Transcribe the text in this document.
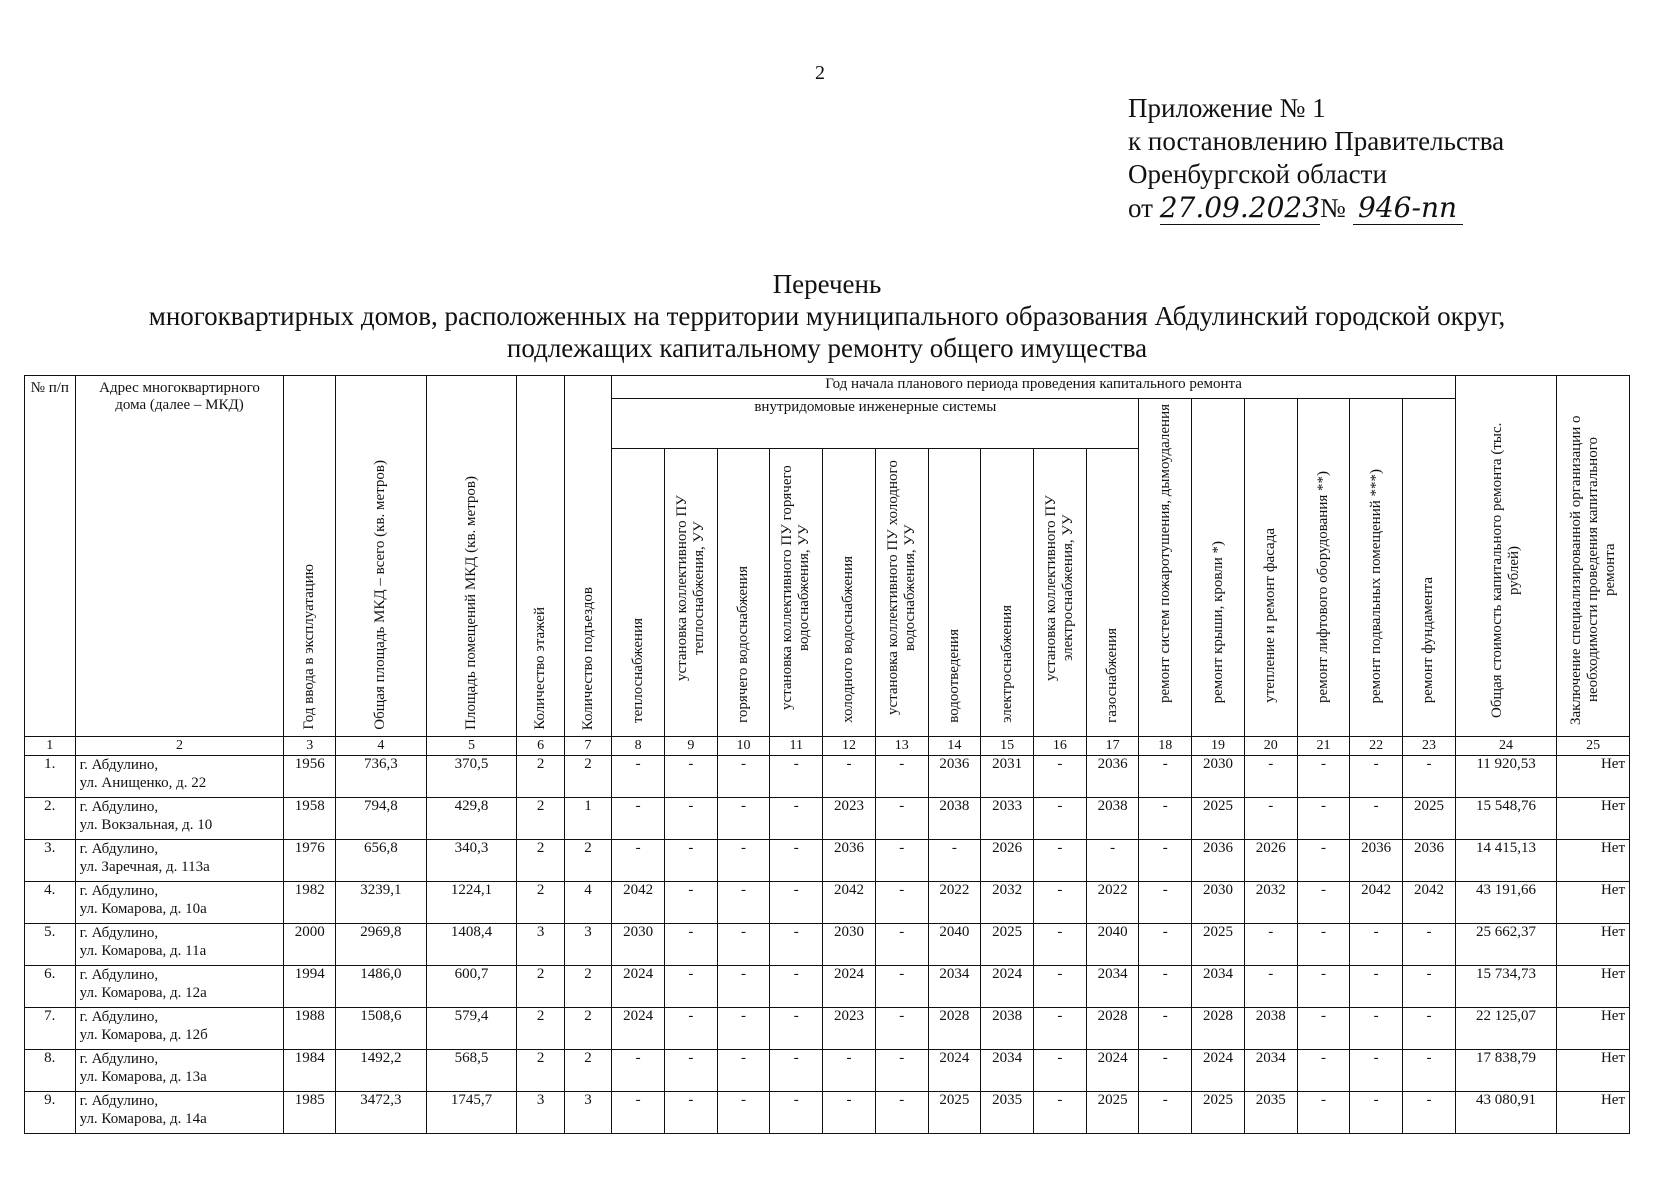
2
Приложение № 1
к постановлению Правительства
Оренбургской области
от 27.09.2023№ 946-пп
Перечень
многоквартирных домов, расположенных на территории муниципального образования Абдулинский городской округ,
подлежащих капитальному ремонту общего имущества
№ п/п	Адрес многоквартирного дома (далее – МКД)	Год ввода в эксплуатацию	Общая площадь МКД – всего (кв. метров)	Площадь помещений МКД (кв. метров)	Количество этажей	Количество подъездов	Год начала планового периода проведения капитального ремонта																Общая стоимость капитального ремонта (тыс. рублей)	Заключение специализированной организации о необходимости проведения капитального ремонта

							внутридомовые инженерные системы										ремонт систем пожаротушения, дымоудаления	ремонт крыши, кровли *)	утепление и ремонт фасада	ремонт лифтового оборудования **)	ремонт подвальных помещений ***)	ремонт фундамента		

							теплоснабжения	установка коллективного ПУ теплоснабжения, УУ	горячего водоснабжения	установка коллективного ПУ горячего водоснабжения, УУ	холодного водоснабжения	установка коллективного ПУ холодного водоснабжения, УУ	водоотведения	электроснабжения	установка коллективного ПУ электроснабжения, УУ	газоснабжения								

1	2	3	4	5	6	7	8	9	10	11	12	13	14	15	16	17	18	19	20	21	22	23	24	25
1.	г. Абдулино,
ул. Анищенко, д. 22	1956	736,3	370,5	2	2	-	-	-	-	-	-	2036	2031	-	2036	-	2030	-	-	-	-	11 920,53	Нет
2.	г. Абдулино,
ул. Вокзальная, д. 10	1958	794,8	429,8	2	1	-	-	-	-	2023	-	2038	2033	-	2038	-	2025	-	-	-	2025	15 548,76	Нет
3.	г. Абдулино,
ул. Заречная, д. 113а	1976	656,8	340,3	2	2	-	-	-	-	2036	-	-	2026	-	-	-	2036	2026	-	2036	2036	14 415,13	Нет
4.	г. Абдулино,
ул. Комарова, д. 10а	1982	3239,1	1224,1	2	4	2042	-	-	-	2042	-	2022	2032	-	2022	-	2030	2032	-	2042	2042	43 191,66	Нет
5.	г. Абдулино,
ул. Комарова, д. 11а	2000	2969,8	1408,4	3	3	2030	-	-	-	2030	-	2040	2025	-	2040	-	2025	-	-	-	-	25 662,37	Нет
6.	г. Абдулино,
ул. Комарова, д. 12а	1994	1486,0	600,7	2	2	2024	-	-	-	2024	-	2034	2024	-	2034	-	2034	-	-	-	-	15 734,73	Нет
7.	г. Абдулино,
ул. Комарова, д. 12б	1988	1508,6	579,4	2	2	2024	-	-	-	2023	-	2028	2038	-	2028	-	2028	2038	-	-	-	22 125,07	Нет
8.	г. Абдулино,
ул. Комарова, д. 13а	1984	1492,2	568,5	2	2	-	-	-	-	-	-	2024	2034	-	2024	-	2024	2034	-	-	-	17 838,79	Нет
9.	г. Абдулино,
ул. Комарова, д. 14а	1985	3472,3	1745,7	3	3	-	-	-	-	-	-	2025	2035	-	2025	-	2025	2035	-	-	-	43 080,91	Нет
